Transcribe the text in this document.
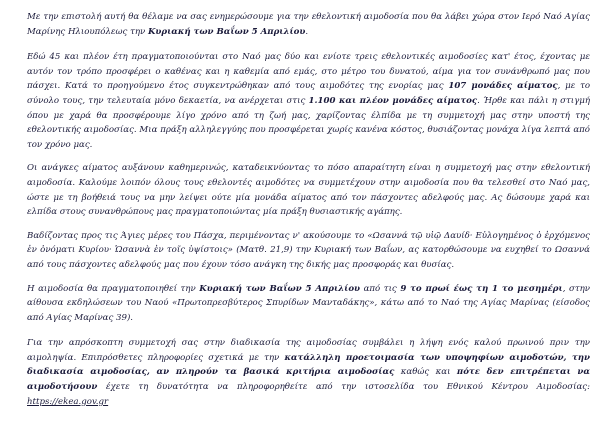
Με την επιστολή αυτή θα θέλαμε να σας ενημερώσουμε για την εθελοντική αιμοδοσία που θα λάβει χώρα στον Ιερό Ναό Αγίας Μαρίνης Ηλιουπόλεως την Κυριακή των Βαΐων 5 Απριλίου.

Εδώ 45 και πλέον έτη πραγματοποιούνται στο Ναό μας δύο και ενίοτε τρεις εθελοντικές αιμοδοσίες κατ' έτος, έχοντας με αυτόν τον τρόπο προσφέρει ο καθένας και η καθεμία από εμάς, στο μέτρο του δυνατού, αίμα για τον συνάνθρωπό μας που πάσχει. Κατά το προηγούμενο έτος συγκεντρώθηκαν από τους αιμοδότες της ενορίας μας 107 μονάδες αίματος, με το σύνολο τους, την τελευταία μόνο δεκαετία, να ανέρχεται στις 1.100 και πλέον μονάδες αίματος. Ήρθε και πάλι η στιγμή όπου με χαρά θα προσφέρουμε λίγο χρόνο από τη ζωή μας, χαρίζοντας έλπίδα με τη συμμετοχή μας στην υποστή της εθελοντικής αιμοδοσίας. Μια πράξη αλληλεγγύης που προσφέρεται χωρίς κανένα κόστος, θυσιάζοντας μονάχα λίγα λεπτά από τον χρόνο μας.

Οι ανάγκες αίματος αυξάνουν καθημερινώς, καταδεικνύοντας το πόσο απαραίτητη είναι η συμμετοχή μας στην εθελοντική αιμοδοσία. Καλούμε λοιπόν όλους τους εθελοντές αιμοδότες να συμμετέχουν στην αιμοδοσία που θα τελεσθεί στο Ναό μας, ώστε με τη βοήθειά τους να μην λείψει ούτε μία μονάδα αίματος από τον πάσχοντες αδελφούς μας. Ας δώσουμε χαρά και ελπίδα στους συνανθρώπους μας πραγματοποιώντας μία πράξη θυσιαστικής αγάπης.

Βαδίζοντας προς τις Άγιες μέρες του Πάσχα, περιμένοντας ν' ακούσουμε το «Ωσαννά τῷ υἱῷ Δαυίδ· Εὐλογημένος ὁ ἐρχόμενος ἐν ὀνόματι Κυρίου· Ὡσαννὰ ἐν τοῖς ὑψίστοις» (Ματθ. 21,9) την Κυριακή των Βαΐων, ας κατορθώσουμε να ευχηθεί το Ωσαννά από τους πάσχοντες αδελφούς μας που έχουν τόσο ανάγκη της δικής μας προσφοράς και θυσίας.

Η αιμοδοσία θα πραγματοποιηθεί την Κυριακή των Βαΐων 5 Απριλίου από τις 9 το πρωί έως τη 1 το μεσημέρι, στην αίθουσα εκδηλώσεων του Ναού «Πρωτοπρεσβύτερος Σπυρίδων Μανταδάκης», κάτω από το Ναό της Αγίας Μαρίνας (είσοδος από Αγίας Μαρίνας 39).

Για την απρόσκοπτη συμμετοχή σας στην διαδικασία της αιμοδοσίας συμβάλει η λήψη ενός καλού πρωινού πριν την αιμοληψία. Επιπρόσθετες πληροφορίες σχετικά με την κατάλληλη προετοιμασία των υποψηφίων αιμοδοτών, την διαδικασία αιμοδοσίας, αν πληρούν τα βασικά κριτήρια αιμοδοσίας καθώς και πότε δεν επιτρέπεται να αιμοδοτήσουν έχετε τη δυνατότητα να πληροφορηθείτε από την ιστοσελίδα του Εθνικού Κέντρου Αιμοδοσίας: https://ekea.gov.gr
